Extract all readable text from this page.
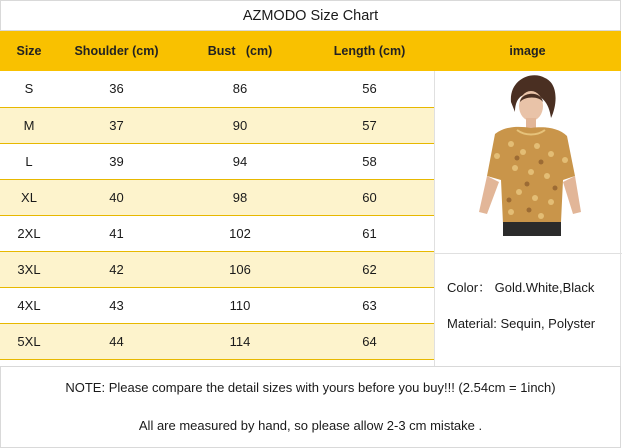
AZMODO Size Chart
Size	Shoulder (cm)	Bust   (cm)	Length (cm)	image
S	36	86	56	
M	37	90	57	
L	39	94	58	
XL	40	98	60	
2XL	41	102	61	
3XL	42	106	62	
4XL	43	110	63	
5XL	44	114	64	
Color： Gold.White,Black
Material: Sequin, Polyster
NOTE: Please compare the detail sizes with yours before you buy!!! (2.54cm = 1inch)
All are measured by hand, so please allow 2-3 cm mistake .
